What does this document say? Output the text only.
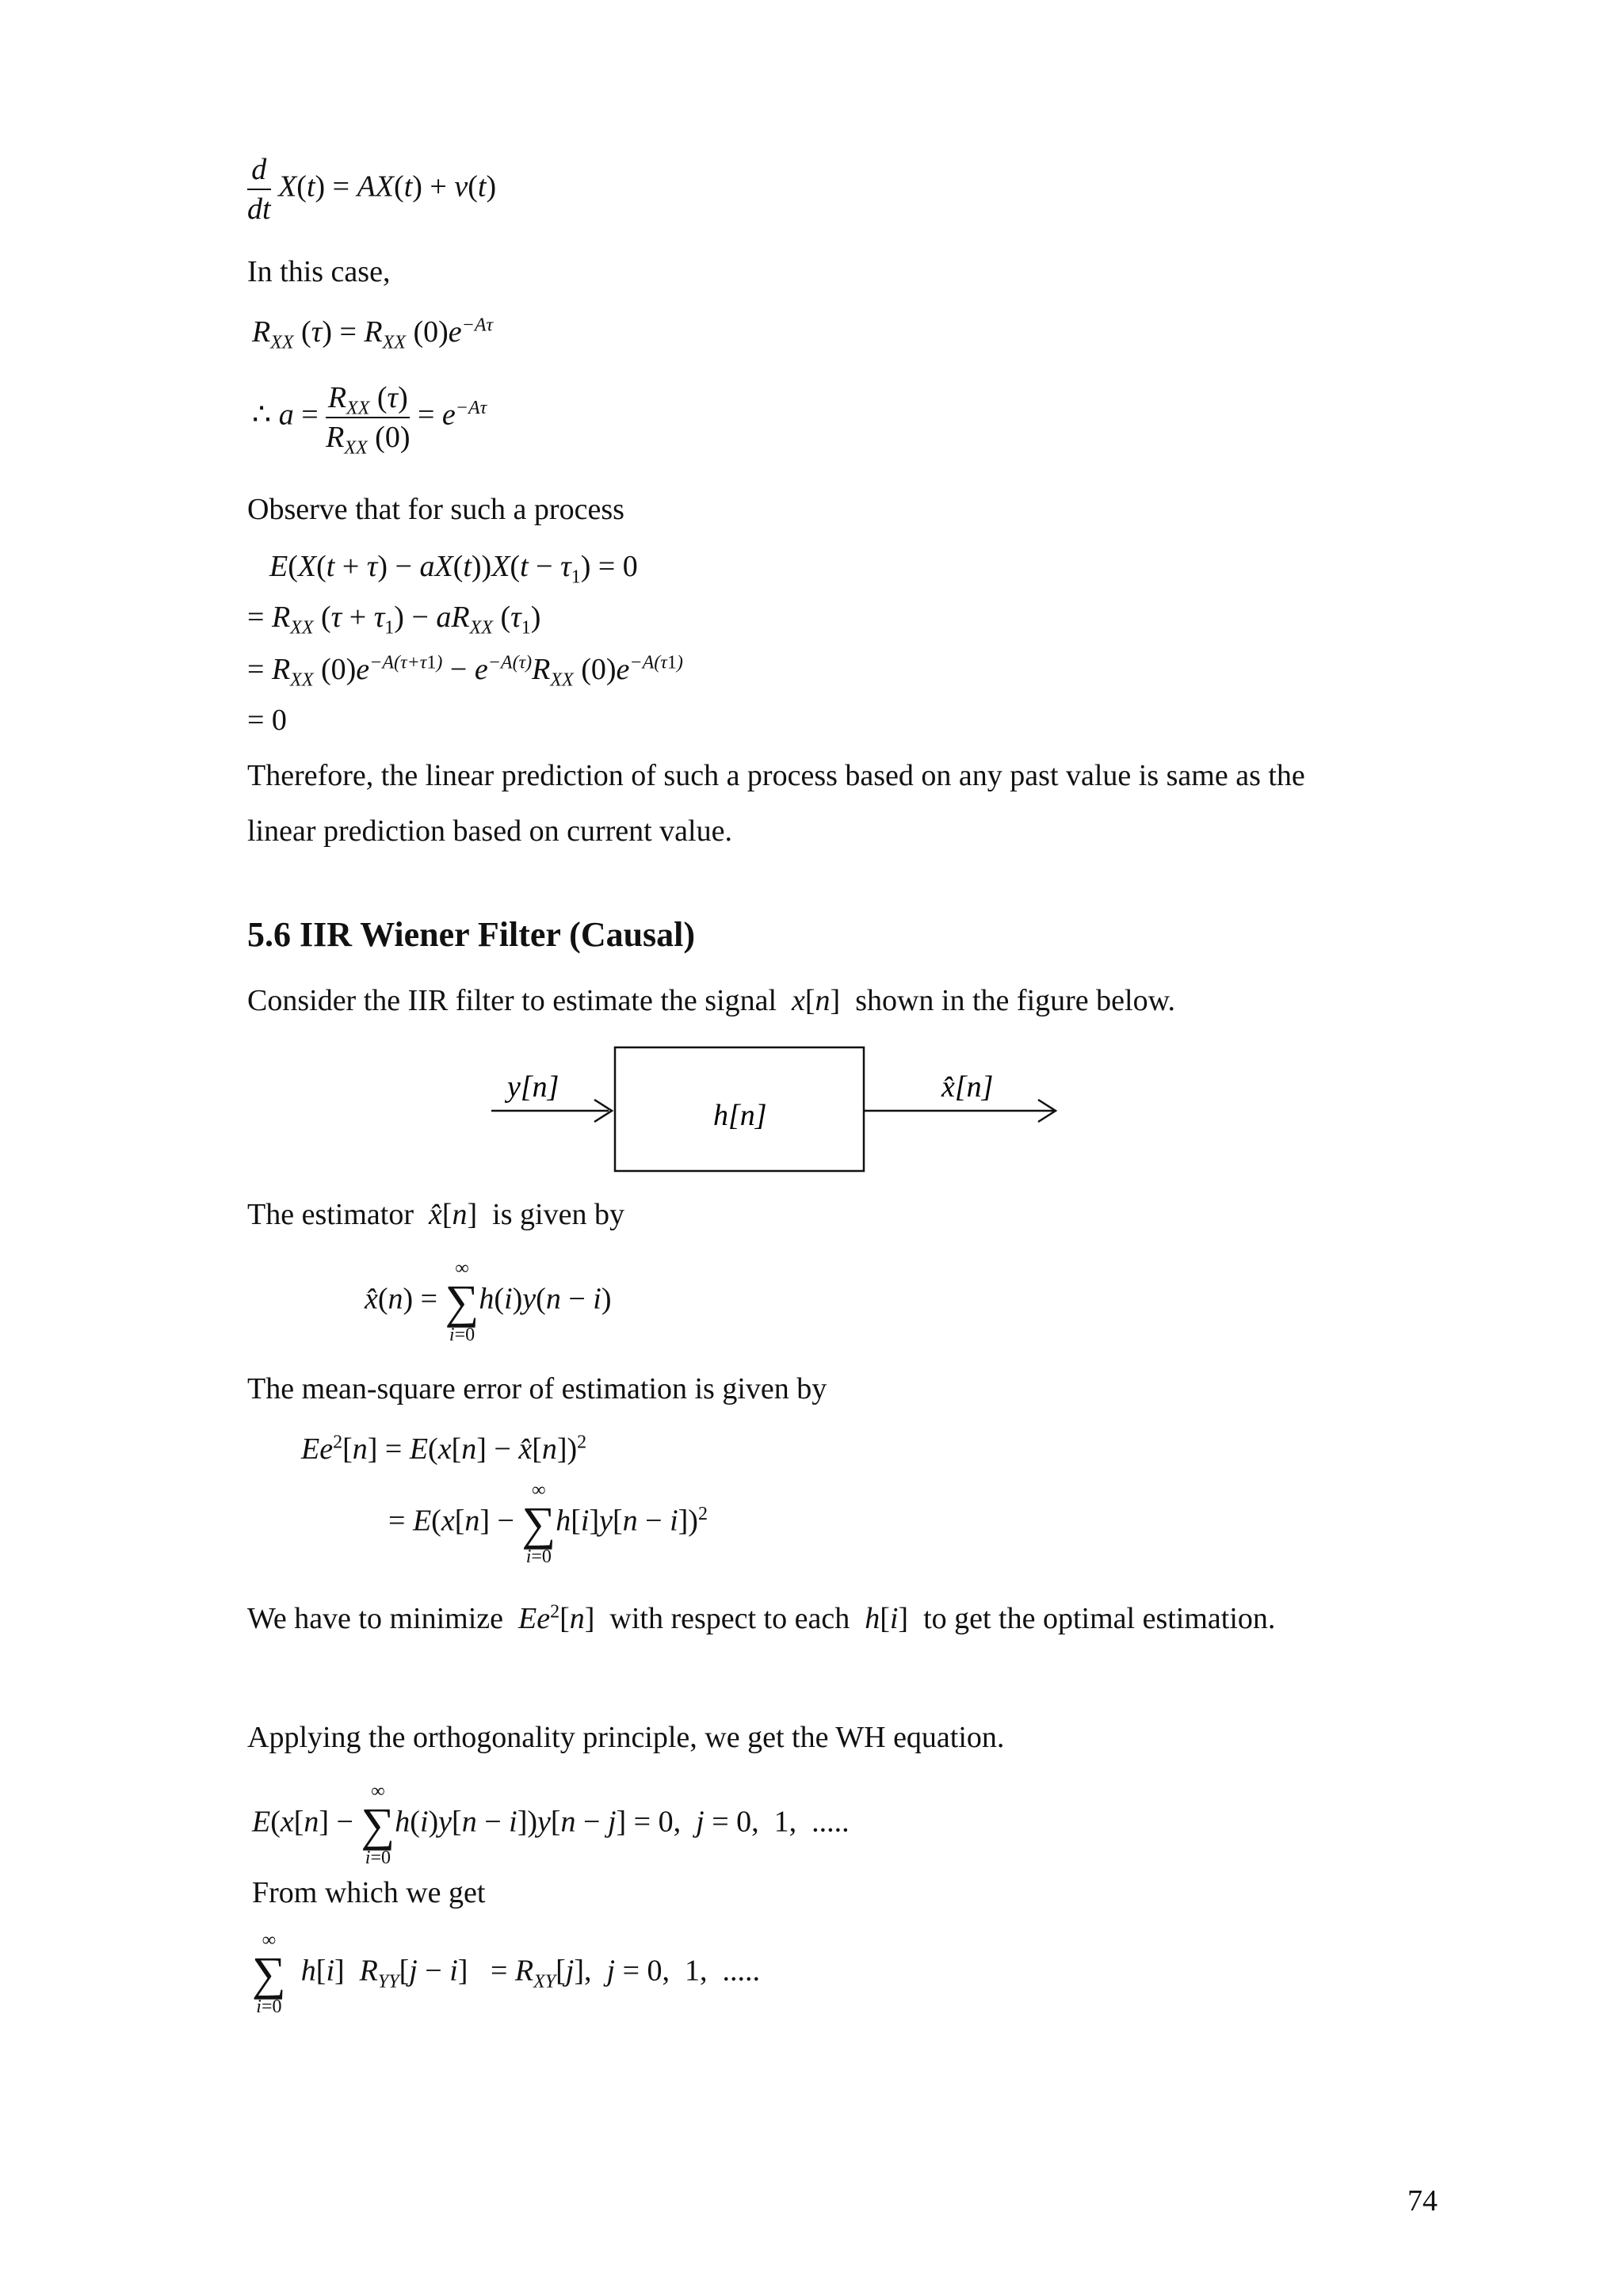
$\frac{d}{dt} X(t) = AX(t) + v(t)$
In this case,
$R_{XX}$ $(\tau) = R_{XX}$ $(0)e^{-A\tau}$
∴ $a = \frac{R_{XX} (\tau)}{R_{XX} (0)} = e^{-A\tau}$
Observe that for such a process
$E(X(t + \tau) - aX(t))X(t - \tau_1) = 0$
= $R_{XX}$ $(\tau + \tau_1) - aR_{XX}$ $(\tau_1)$
= $R_{XX}$ $(0)e^{-A(\tau+\tau 1)} - e^{-A(\tau)}R_{XX}$ $(0)e^{-A(\tau 1)}$
= 0
Therefore, the linear prediction of such a process based on any past value is same as the
linear prediction based on current value.
5.6 IIR Wiener Filter (Causal)
Consider the IIR filter to estimate the signal  x[n] shown in the figure below.
y[n]
h[n]
x̂[n]
The estimator  x̂[n] is given by
x̂(n) =
∞
∑
i=0
h(i)y(n − i)
The mean-square error of estimation is given by
$Ee^2[n] = E(x[n]$ − x̂[n])$^2$
= E(x[n] −
∞
∑
i=0
h[i]y[n − i])$^2$
We have to minimize  Ee$^2$[n] with respect to each  h[i] to get the optimal estimation.
Applying the orthogonality principle, we get the WH equation.
E(x[n] −
∞
∑
i=0
h(i)y[n − i])y[n − j] = 0,  j = 0,  1,  .....
From which we get
∞
∑
i=0
h[i]  $R_{YY}[j - i] = R_{XY}[j]$,  j = 0,  1,  .....
74
